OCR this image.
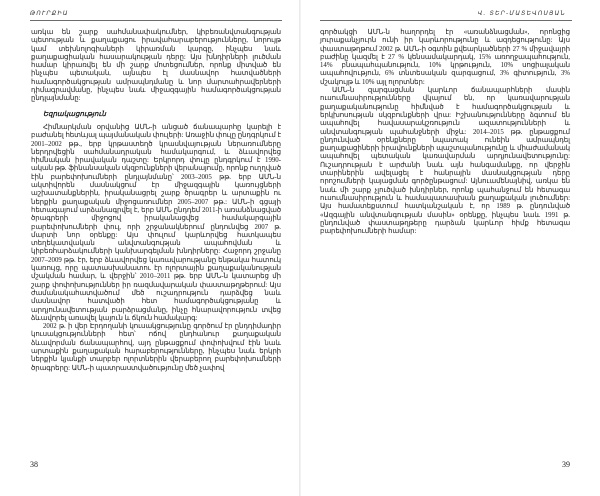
ԹՈՒՐՔԻԱ

առկա են շարք սահմանափակումներ, կիբեռանվտանգության պետության և քաղաքացու իրավահարաբերությունները, նորույթ կամ տեխնոլոգիաների կիրառման կարգը, ինչպես նաև քաղաքացիական հասարակության դերը: Այս խնդիրների լուծման համար կիրառվել են մի շարք մոտեցումներ, որոնք միտված են ինչպես պետական, այնպես էլ մասնավոր հատվածների համագործակցության ամրապնդմանը և նոր մարտահրավերների դիմագրավմանը, ինչպես նաև միջազգային համագործակցության ընդլայնմանը:

Եզրակացություն

Հիմնարկման օրվանից ԱՄՆ-ի անցած ճանապարհը կարելի է բաժանել հետևյալ պայմանական փուլերի: Առաջին փուլը ընդգրկում է 2001–2002 թթ., երբ կրթաստեղծ կրասնվայության ներառումները ներդրվեցին սահմանադրական համակարգում, և ձևավորվեց հիմնական իրավական դաշտը: Երկրորդ փուլը ընդգրկում է 1990-ական թթ. ֆինանսական սկզբունքների վերանայումը, որոնք ուղղված էին բարեփոխումների ընդլայնմանը՝ 2003–2005 թթ. երբ ԱՄՆ-ն ակտիվորեն մասնակցում էր միջազգային կառույցների աշխատանքներին, իրականացրել շարք ծրագրեր և արտաքին ու ներքին քաղաքական միջոցառումներ 2005–2007 թթ.: ԱՄՆ-ի գցայի հետագայում արձանագրվել է, երբ ԱՄՆ ընդդեմ 2011-ի առանձնացված ծրագրերի միջոցով իրականացվեց համակարգային բարեփոխումների փուլ, որի շրջանակներում ընդունվեց 2007 թ. մարտի նոր օրենքը: Այս փուլում կարևորվեց հատկապես տեղեկատվական անվտանգության ապահովման և կիբեռհարձակումների կանխարգելման խնդիրները: Հաջորդ շրջանը 2007–2009 թթ. էր, երբ ձևավորվեց կառավարությանը ենթակա հատուկ կառույց, որը պատասխանատու էր ոլորտային քաղաքականության մշակման համար, և վերջին՝ 2010–2011 թթ. երբ ԱՄՆ-ն կատարեց մի շարք փոփոխություններ իր ռազմավարական փաստաթղթերում: Այս ժամանակահատվածում մեծ ուշադրություն դարձվեց նաև մասնավոր հատվածի հետ համագործակցությանը և արդյունավետության բարձրացմանը, ինչը հնարավորություն տվեց ձևավորել առավել կայուն և ճկուն համակարգ:

2002 թ. ի վեր Էրդողանի կուսակցությունը գործում էր ընդդիմադիր կուսակցությունների հետ՝ ոճով ընդհանուր քաղաքական ձևավորման ճանապարհով, այդ ընթացքում փոփոխվում էին նաև արտաքին քաղաքական հարաբերությունները, ինչպես նաև երկրի ներքին կյանքի տարբեր ոլորտներին վերաբերող բարեփոխումների ծրագրերը: ԱՄՆ-ի պատրաստվածությունը մեծ չափով

38
Վ. ՏԵՐ-ՄԱՏԵՎՈՍՅԱՆ

գործակցի ԱՄՆ-ն հաղորդել էր «առանձնացման», որոնցից յուրաքանչյուրն ունի իր կարևորությունը և ազդեցությունը: Այս փաստաթղթում 2002 թ. ԱՄՆ-ի օգտին քվեարկածների 27 % միջավայրի բաժինը կազմել է 27 % կենսամակարդակ, 15% առողջապահություն, 14% բնապահպանություն, 10% կրթություն, 10% սոցիալական ապահովություն, 6% տնտեսական զարգացում, 3% գիտություն, 3% մշակույթ և 10% այլ ոլորտներ:

ԱՄՆ-ն զարգացման կարևոր ճանապարհների մասին ուսումնասիրությունները վկայում են, որ կառավարության քաղաքականությունը հիմնված է համագործակցության և երկխոսության սկզբունքների վրա: Իշխանությունները ձգտում են ապահովել հավասարակշռություն ազատությունների և անվտանգության պահանջների միջև: 2014–2015 թթ. ընթացքում ընդունված օրենքները նպատակ ունեին ամրապնդել քաղաքացիների իրավունքների պաշտպանությունը և միաժամանակ ապահովել պետական կառավարման արդյունավետությունը: Ուշադրության է արժանի նաև այն հանգամանքը, որ վերջին տարիներին ավելացել է հանրային մասնակցության դերը որոշումների կայացման գործընթացում: Այնուամենայնիվ, առկա են նաև մի շարք չլուծված խնդիրներ, որոնք պահանջում են հետագա ուսումնասիրություն և համապատասխան քաղաքական լուծումներ: Այս համատեքստում հատկանշական է, որ 1989 թ. ընդունված «Ազգային անվտանգության մասին» օրենքը, ինչպես նաև 1991 թ. ընդունված փաստաթղթերը դարձան կարևոր հիմք հետագա բարեփոխումների համար:

39
